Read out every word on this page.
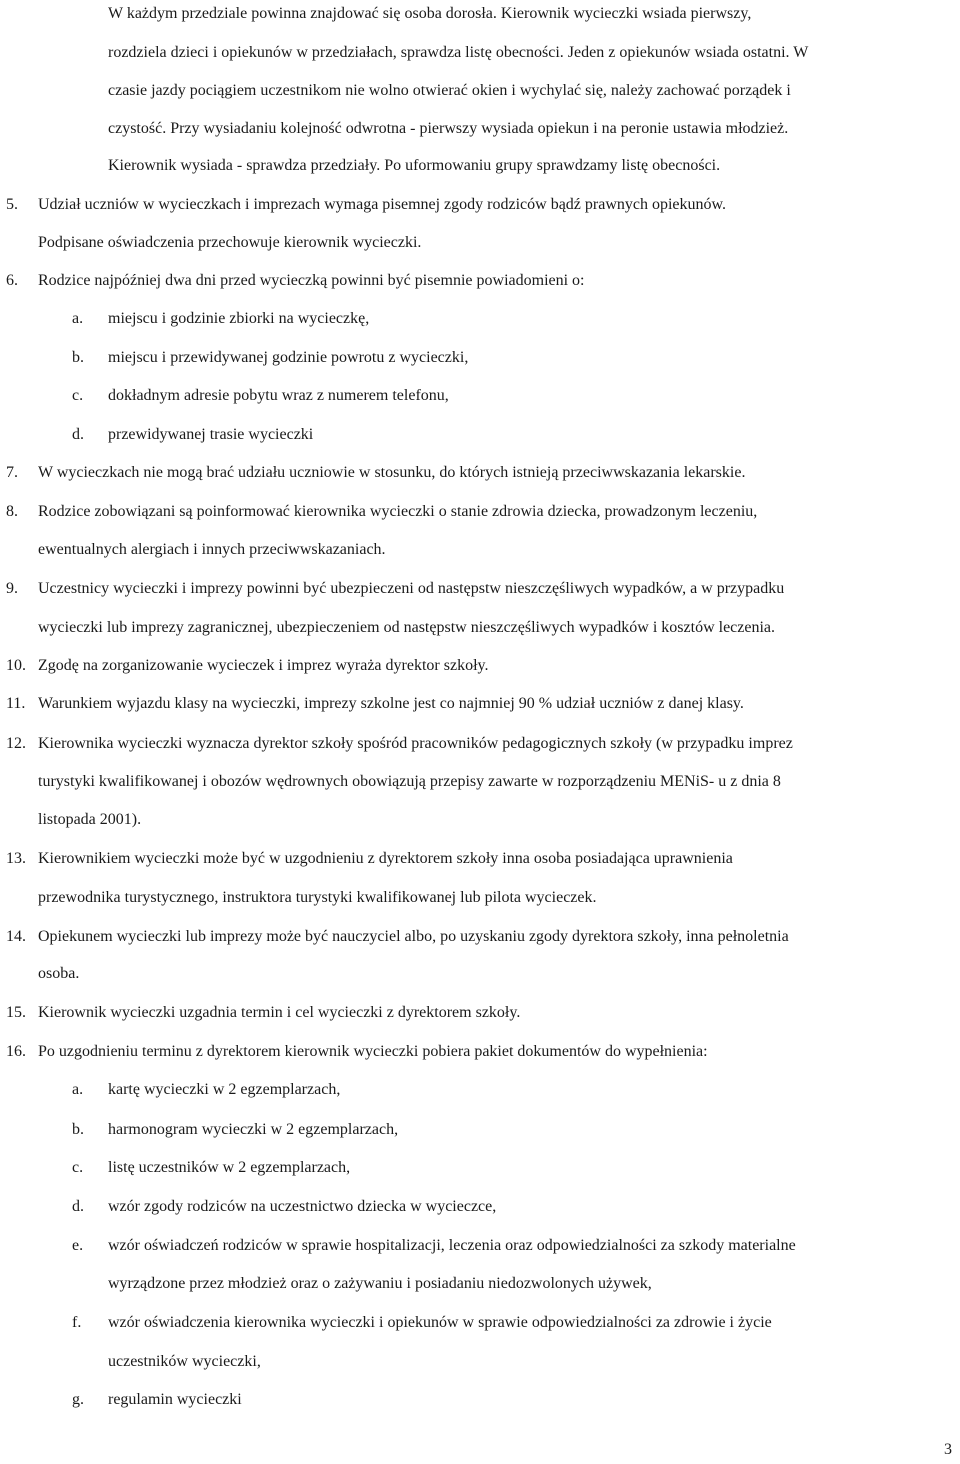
W każdym przedziale powinna znajdować się osoba dorosła. Kierownik wycieczki wsiada pierwszy,
rozdziela dzieci i opiekunów w przedziałach, sprawdza listę obecności. Jeden z opiekunów wsiada ostatni. W
czasie jazdy pociągiem uczestnikom nie wolno otwierać okien i wychylać się, należy zachować porządek i
czystość. Przy wysiadaniu kolejność odwrotna - pierwszy wysiada opiekun i na peronie ustawia młodzież.
Kierownik wysiada - sprawdza przedziały. Po uformowaniu grupy sprawdzamy listę obecności.
5. Udział uczniów w wycieczkach i imprezach wymaga pisemnej zgody rodziców bądź prawnych opiekunów.
Podpisane oświadczenia przechowuje kierownik wycieczki.
6. Rodzice najpóźniej dwa dni przed wycieczką powinni być pisemnie powiadomieni o:
a. miejscu i godzinie zbiorki na wycieczkę,
b. miejscu i przewidywanej godzinie powrotu z wycieczki,
c. dokładnym adresie pobytu wraz z numerem telefonu,
d. przewidywanej trasie wycieczki
7. W wycieczkach nie mogą brać udziału uczniowie w stosunku, do których istnieją przeciwwskazania lekarskie.
8. Rodzice zobowiązani są poinformować kierownika wycieczki o stanie zdrowia dziecka, prowadzonym leczeniu,
ewentualnych alergiach i innych przeciwwskazaniach.
9. Uczestnicy wycieczki i imprezy powinni być ubezpieczeni od następstw nieszczęśliwych wypadków, a w przypadku
wycieczki lub imprezy zagranicznej, ubezpieczeniem od następstw nieszczęśliwych wypadków i kosztów leczenia.
10. Zgodę na zorganizowanie wycieczek i imprez wyraża dyrektor szkoły.
11. Warunkiem wyjazdu klasy na wycieczki, imprezy szkolne jest co najmniej 90 % udział uczniów z danej klasy.
12. Kierownika wycieczki wyznacza dyrektor szkoły spośród pracowników pedagogicznych szkoły (w przypadku imprez
turystyki kwalifikowanej i obozów wędrownych obowiązują przepisy zawarte w rozporządzeniu MENiS- u z dnia 8
listopada 2001).
13. Kierownikiem wycieczki może być w uzgodnieniu z dyrektorem szkoły inna osoba posiadająca uprawnienia
przewodnika turystycznego, instruktora turystyki kwalifikowanej lub pilota wycieczek.
14. Opiekunem wycieczki lub imprezy może być nauczyciel albo, po uzyskaniu zgody dyrektora szkoły, inna pełnoletnia
osoba.
15. Kierownik wycieczki uzgadnia termin i cel wycieczki z dyrektorem szkoły.
16. Po uzgodnieniu terminu z dyrektorem kierownik wycieczki pobiera pakiet dokumentów do wypełnienia:
a. kartę wycieczki w 2 egzemplarzach,
b. harmonogram wycieczki w 2 egzemplarzach,
c. listę uczestników w 2 egzemplarzach,
d. wzór zgody rodziców na uczestnictwo dziecka w wycieczce,
e. wzór oświadczeń rodziców w sprawie hospitalizacji, leczenia oraz odpowiedzialności za szkody materialne
wyrządzone przez młodzież oraz o zażywaniu i posiadaniu niedozwolonych używek,
f. wzór oświadczenia kierownika wycieczki i opiekunów w sprawie odpowiedzialności za zdrowie i życie
uczestników wycieczki,
g. regulamin wycieczki
3
